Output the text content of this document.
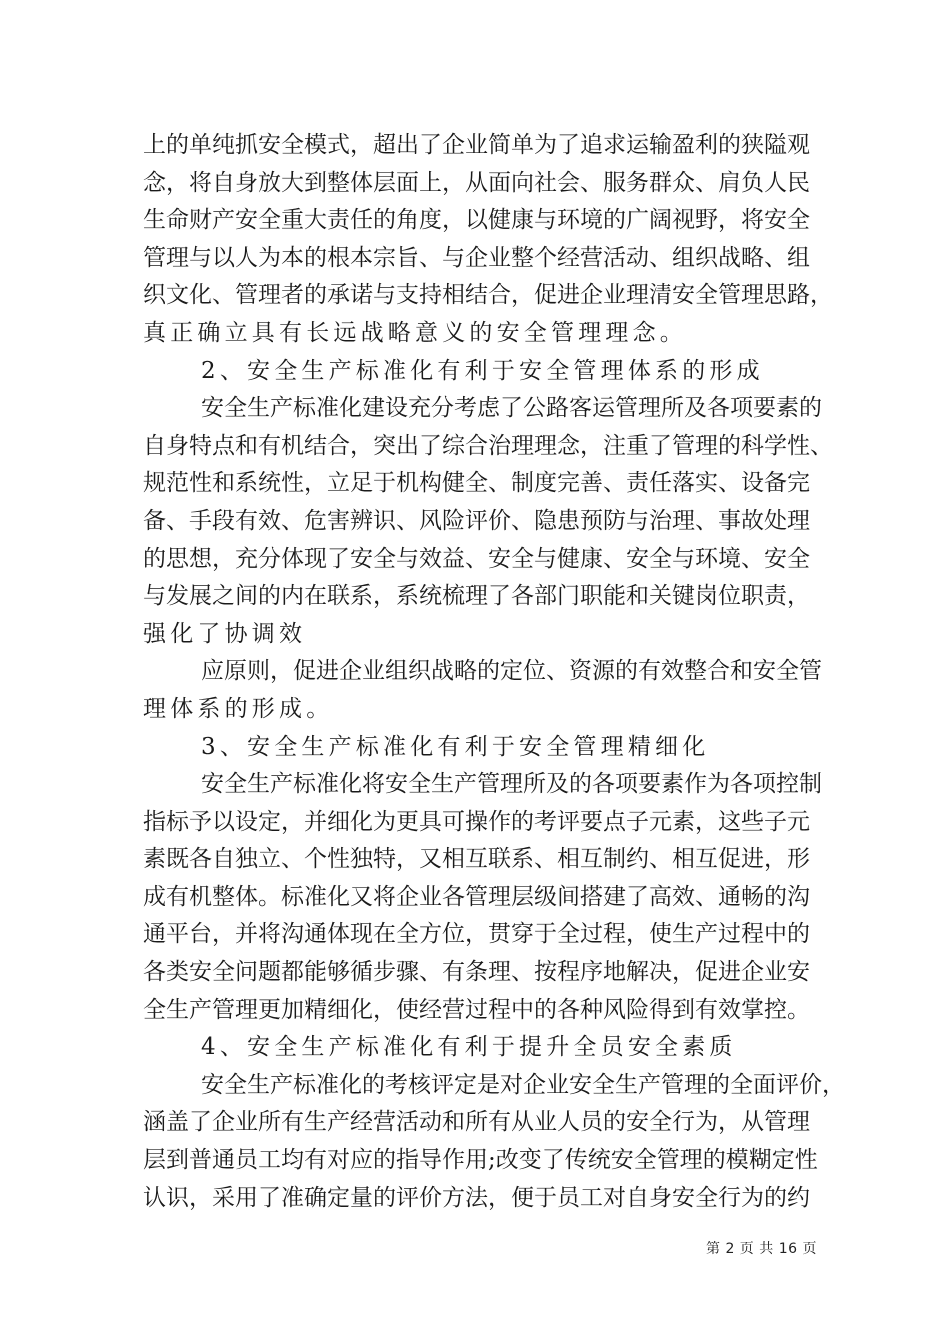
上的单纯抓安全模式，超出了企业简单为了追求运输盈利的狭隘观
念，将自身放大到整体层面上，从面向社会、服务群众、肩负人民
生命财产安全重大责任的角度，以健康与环境的广阔视野，将安全
管理与以人为本的根本宗旨、与企业整个经营活动、组织战略、组
织文化、管理者的承诺与支持相结合，促进企业理清安全管理思路，
真正确立具有长远战略意义的安全管理理念。
2、安全生产标准化有利于安全管理体系的形成
安全生产标准化建设充分考虑了公路客运管理所及各项要素的
自身特点和有机结合，突出了综合治理理念，注重了管理的科学性、
规范性和系统性，立足于机构健全、制度完善、责任落实、设备完
备、手段有效、危害辨识、风险评价、隐患预防与治理、事故处理
的思想，充分体现了安全与效益、安全与健康、安全与环境、安全
与发展之间的内在联系，系统梳理了各部门职能和关键岗位职责，
强化了协调效
应原则，促进企业组织战略的定位、资源的有效整合和安全管
理体系的形成。
3、安全生产标准化有利于安全管理精细化
安全生产标准化将安全生产管理所及的各项要素作为各项控制
指标予以设定，并细化为更具可操作的考评要点子元素，这些子元
素既各自独立、个性独特，又相互联系、相互制约、相互促进，形
成有机整体。标准化又将企业各管理层级间搭建了高效、通畅的沟
通平台，并将沟通体现在全方位，贯穿于全过程，使生产过程中的
各类安全问题都能够循步骤、有条理、按程序地解决，促进企业安
全生产管理更加精细化，使经营过程中的各种风险得到有效掌控。
4、安全生产标准化有利于提升全员安全素质
安全生产标准化的考核评定是对企业安全生产管理的全面评价，
涵盖了企业所有生产经营活动和所有从业人员的安全行为，从管理
层到普通员工均有对应的指导作用;改变了传统安全管理的模糊定性
认识，采用了准确定量的评价方法，便于员工对自身安全行为的约
第 2 页 共 16 页
